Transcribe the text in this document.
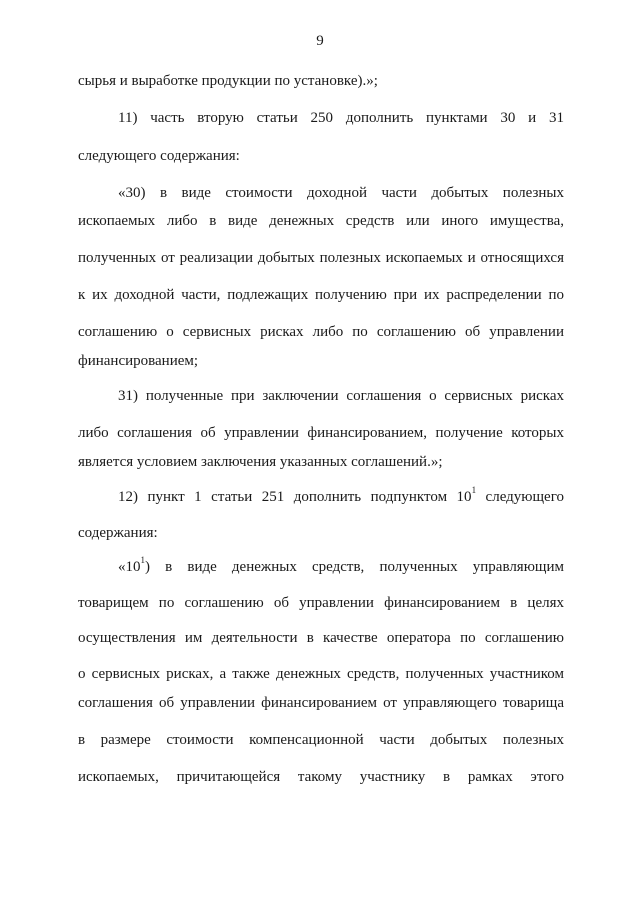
9
сырья и выработке продукции по установке).»;
11) часть вторую статьи 250 дополнить пунктами 30 и 31
следующего содержания:
«30) в виде стоимости доходной части добытых полезных
ископаемых либо в виде денежных средств или иного имущества,
полученных от реализации добытых полезных ископаемых и относящихся
к их доходной части, подлежащих получению при их распределении по
соглашению о сервисных рисках либо по соглашению об управлении
финансированием;
31) полученные при заключении соглашения о сервисных рисках
либо соглашения об управлении финансированием, получение которых
является условием заключения указанных соглашений.»;
12) пункт 1 статьи 251 дополнить подпунктом $10^1$ следующего
содержания:
«$10^1$) в виде денежных средств, полученных управляющим
товарищем по соглашению об управлении финансированием в целях
осуществления им деятельности в качестве оператора по соглашению
о сервисных рисках, а также денежных средств, полученных участником
соглашения об управлении финансированием от управляющего товарища
в размере стоимости компенсационной части добытых полезных
ископаемых, причитающейся такому участнику в рамках этого
